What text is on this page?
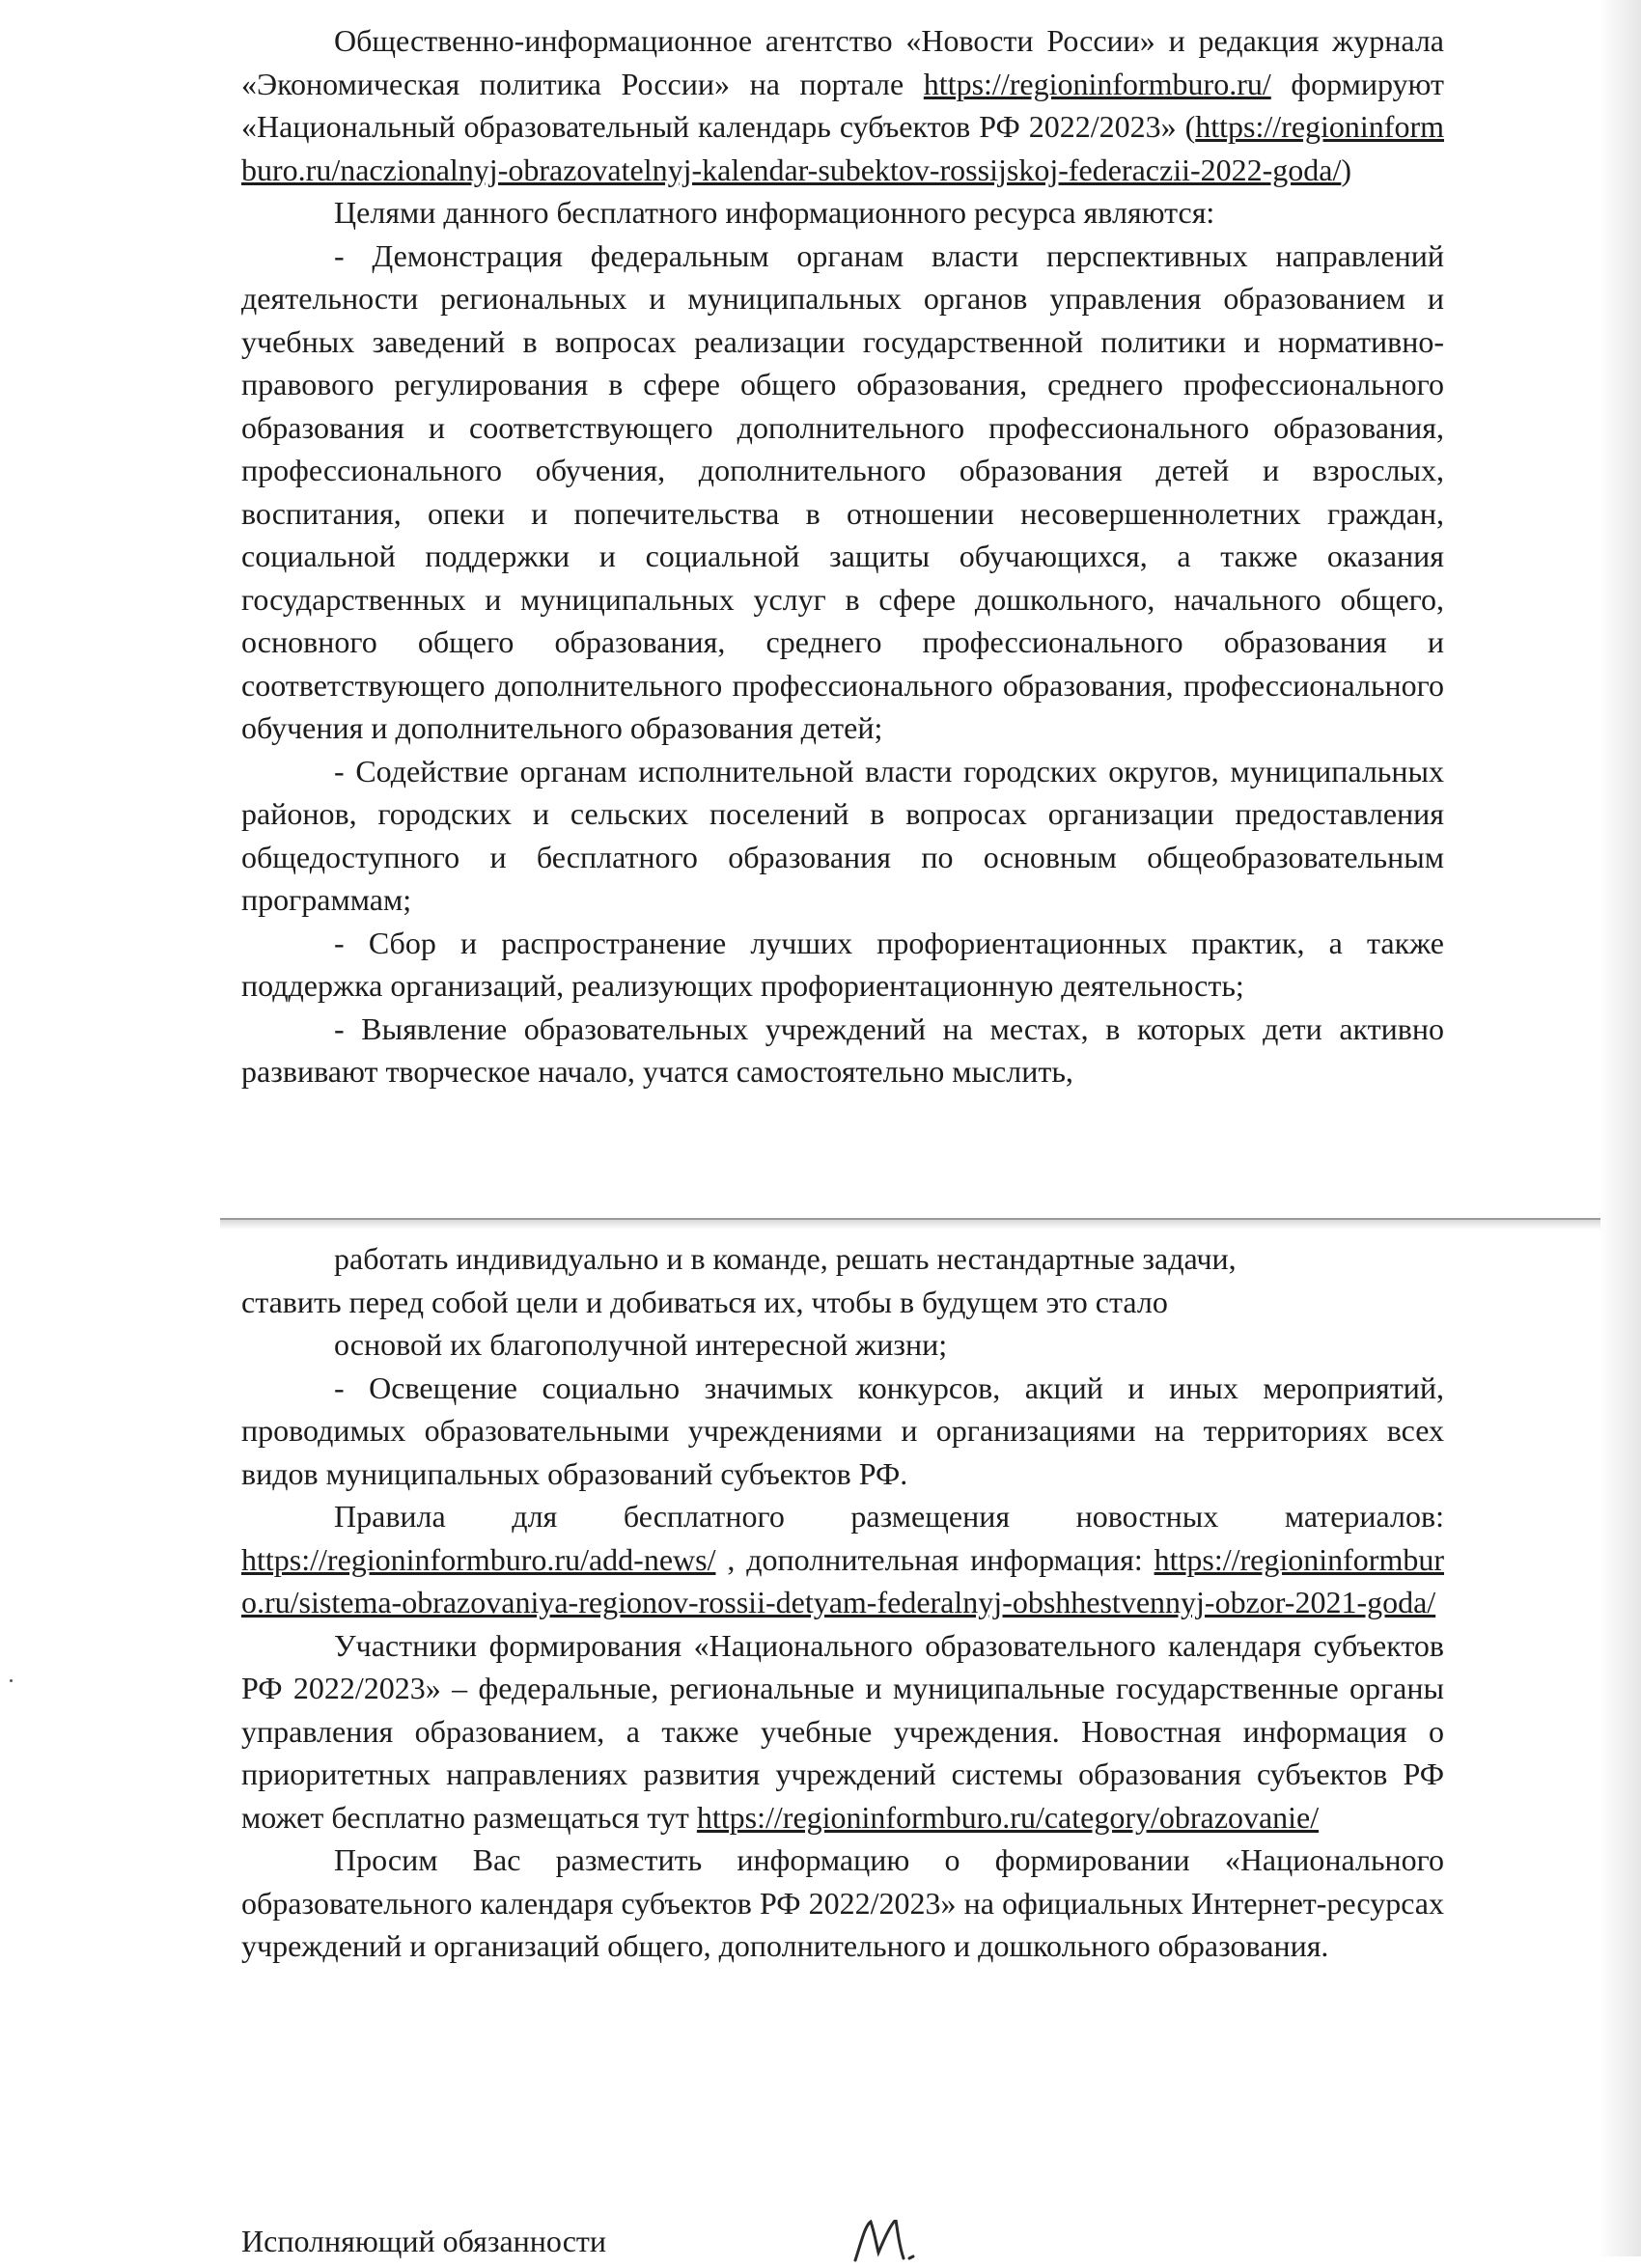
Общественно-информационное агентство «Новости России» и редакция журнала «Экономическая политика России» на портале https://regioninformburo.ru/ формируют «Национальный образовательный календарь субъектов РФ 2022/2023» (https://regioninformburo.ru/naczionalnyj-obrazovatelnyj-kalendar-subektov-rossijskoj-federaczii-2022-goda/)

Целями данного бесплатного информационного ресурса являются:

- Демонстрация федеральным органам власти перспективных направлений деятельности региональных и муниципальных органов управления образованием и учебных заведений в вопросах реализации государственной политики и нормативно-правового регулирования в сфере общего образования, среднего профессионального образования и соответствующего дополнительного профессионального образования, профессионального обучения, дополнительного образования детей и взрослых, воспитания, опеки и попечительства в отношении несовершеннолетних граждан, социальной поддержки и социальной защиты обучающихся, а также оказания государственных и муниципальных услуг в сфере дошкольного, начального общего, основного общего образования, среднего профессионального образования и соответствующего дополнительного профессионального образования, профессионального обучения и дополнительного образования детей;

- Содействие органам исполнительной власти городских округов, муниципальных районов, городских и сельских поселений в вопросах организации предоставления общедоступного и бесплатного образования по основным общеобразовательным программам;

- Сбор и распространение лучших профориентационных практик, а также поддержка организаций, реализующих профориентационную деятельность;

- Выявление образовательных учреждений на местах, в которых дети активно развивают творческое начало, учатся самостоятельно мыслить,

работать индивидуально и в команде, решать нестандартные задачи,

ставить перед собой цели и добиваться их, чтобы в будущем это стало

основой их благополучной интересной жизни;

- Освещение социально значимых конкурсов, акций и иных мероприятий, проводимых образовательными учреждениями и организациями на территориях всех видов муниципальных образований субъектов РФ.

Правила для бесплатного размещения новостных материалов: https://regioninformburo.ru/add-news/ , дополнительная информация: https://regioninformburo.ru/sistema-obrazovaniya-regionov-rossii-detyam-federalnyj-obshhestvennyj-obzor-2021-goda/

Участники формирования «Национального образовательного календаря субъектов РФ 2022/2023» – федеральные, региональные и муниципальные государственные органы управления образованием, а также учебные учреждения. Новостная информация о приоритетных направлениях развития учреждений системы образования субъектов РФ может бесплатно размещаться тут https://regioninformburo.ru/category/obrazovanie/

Просим Вас разместить информацию о формировании «Национального образовательного календаря субъектов РФ 2022/2023» на официальных Интернет-ресурсах учреждений и организаций общего, дополнительного и дошкольного образования.

Исполняющий обязанности
